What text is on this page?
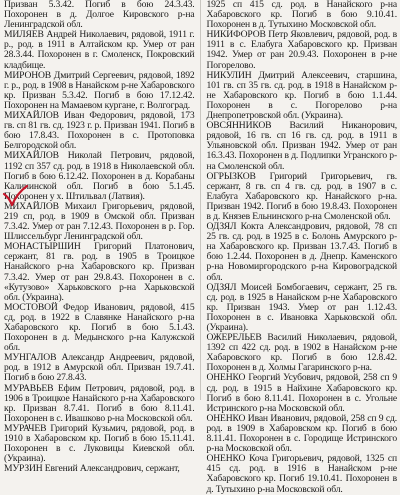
Призван 5.3.42. Погиб в бою 24.3.43. Похоронен в д. Долгое Кировского р-на Ленинградской обл.

МИЛЯЕВ Андрей Николаевич, рядовой, 1911 г. р., род. в 1911 в Алтайском кр. Умер от ран 28.3.44. Похоронен в г. Смоленск, Покровский кладбище.

МИРОНОВ Дмитрий Сергеевич, рядовой, 1892 г. р., род. в 1908 в Нанайском р-не Хабаровского кр. Призван 5.3.42. Погиб в бою 17.12.42. Похоронен на Мамаевом кургане, г. Волгоград.

МИХАЙЛОВ Иван Федорович, рядовой, 173 гв. сп 81 гв. сд. 1923 г. р. Призван 1941. Погиб в бою 17.8.43. Похоронен в с. Протоповка Белгородской обл.

МИХАЙЛОВ Николай Петрович, рядовой, 1192 сп 357 сд. род. в 1918 в Николаевской обл. Погиб в бою 6.12.42. Похоронен в д. Корабаны Калининской обл. Погиб в бою 5.1.45. Похоронен у х. Штильвал (Латвия).

МИХАЙЛОВ Михаил Григорьевич, рядовой, 219 сп, род. в 1909 в Омской обл. Призван 7.3.42. Умер от ран 7.12.43. Похоронен в р. Гор. Шлиссельбург Ленинградской обл.

МОНАСТЫРШИН Григорий Платонович, сержант, 81 гв. род. в 1905 в Троицкое Нанайского р-на Хабаровского кр. Призван 7.3.42. Умер от ран 29.8.43. Похоронен в с. «Кутузово» Харьковского р-на Харьковской обл. (Украина).

МОСТОВОЙ Федор Иванович, рядовой, 415 сд, род. в 1922 в Славянке Нанайского р-на Хабаровского кр. Погиб в бою 5.1.43. Похоронен в д. Медынского р-на Калужской обл.

МУНГАЛОВ Александр Андреевич, рядовой, род. в 1912 в Амурской обл. Призван 19.7.41. Погиб в бою 27.8.43.

МУРАВЬЕВ Ефим Петрович, рядовой, род. в 1906 в Троицкое Нанайского р-на Хабаровского кр. Призван 8.7.41. Погиб в бою 8.11.41. Похоронен в с. Ивашково р-на Московской обл.

МУРАЧЕВ Григорий Кузьмич, рядовой, род. в 1910 в Хабаровском кр. Погиб в бою 15.11.41. Похоронен в с. Луковицы Киевской обл. (Украина).

МУРЗИН Евгений Александрович, сержант,

1925 сп 415 сд. род. в Нанайского р-на Хабаровского кр. Погиб в бою 9.10.41. Похоронен в д. Тутыхино Московской обл.

НИКИФОРОВ Петр Яковлевич, рядовой, род. в 1911 в с. Елабуга Хабаровского кр. Призван 1942. Умер от ран 20.9.43. Похоронен в р-не Погорелово.

НИКУЛИН Дмитрий Алексеевич, старшина, 101 гв. сп 35 гв. сд. род. в 1918 в Нанайском р-не Хабаровского кр. Погиб в бою 1.1.44. Похоронен в с. Погорелово р-на Днепропетровской обл. (Украина).

ОВСЯННИКОВ Василий Никанорович, рядовой, 16 гв. сп 16 гв. сд. род. в 1911 в Ульяновской обл. Призван 1942. Умер от ран 16.3.43. Похоронен в д. Подлипки Угранского р-на Смоленской обл.

ОГРЫЗКОВ Григорий Григорьевич, гв. сержант, 8 гв. сп 4 гв. сд. род. в 1907 в с. Елабуга Хабаровского кр. Нанайского р-на. Призван 1942. Погиб в бою 19.8.43. Похоронен в д. Князев Ельнинского р-на Смоленской обл.

ОДЗЯЛ Кокта Александрович, рядовой, 78 сп 25 гв. сд. род. в 1925 в с. Болонь Амурского р-на Хабаровского кр. Призван 13.7.43. Погиб в бою 1.2.44. Похоронен в д. Днепр. Каменского р-на Новомиргородского р-на Кировоградской обл.

ОДЗЯЛ Моисей Бомбогаевич, сержант, 25 гв. сд. род. в 1925 в Нанайском р-не Хабаровского кр. Призван 1943. Умер от ран 1.12.43. Похоронен в с. Ивановка Харьковской обл. (Украина).

ОЖЕРЕЛЬЕВ Василий Николаевич, рядовой, 1392 сп 422 сд. род. в 1902 в Нанайском р-не Хабаровского кр. Погиб в бою 12.8.42. Похоронен в д. Холмы Гагаринского р-на.

ОНЕНКО Георгий Усубович, рядовой, 258 сп 9 сд. род. в 1915 в Найхине Хабаровского кр. Погиб в бою 8.11.41. Похоронен в с. Угольне Истринского р-на Московской обл.

ОНЕНКО Иван Иванович, рядовой, 258 сп 9 сд. род. в 1909 в Хабаровском кр. Погиб в бою 8.11.41. Похоронен в с. Городище Истринского р-на Московской обл.

ОНЕНКО Коча Григорьевич, рядовой, 1325 сп 415 сд. род. в 1916 в Нанайском р-не Хабаровского кр. Погиб 19.10.41. Похоронен в д. Тутыхино р-на Московской обл.
